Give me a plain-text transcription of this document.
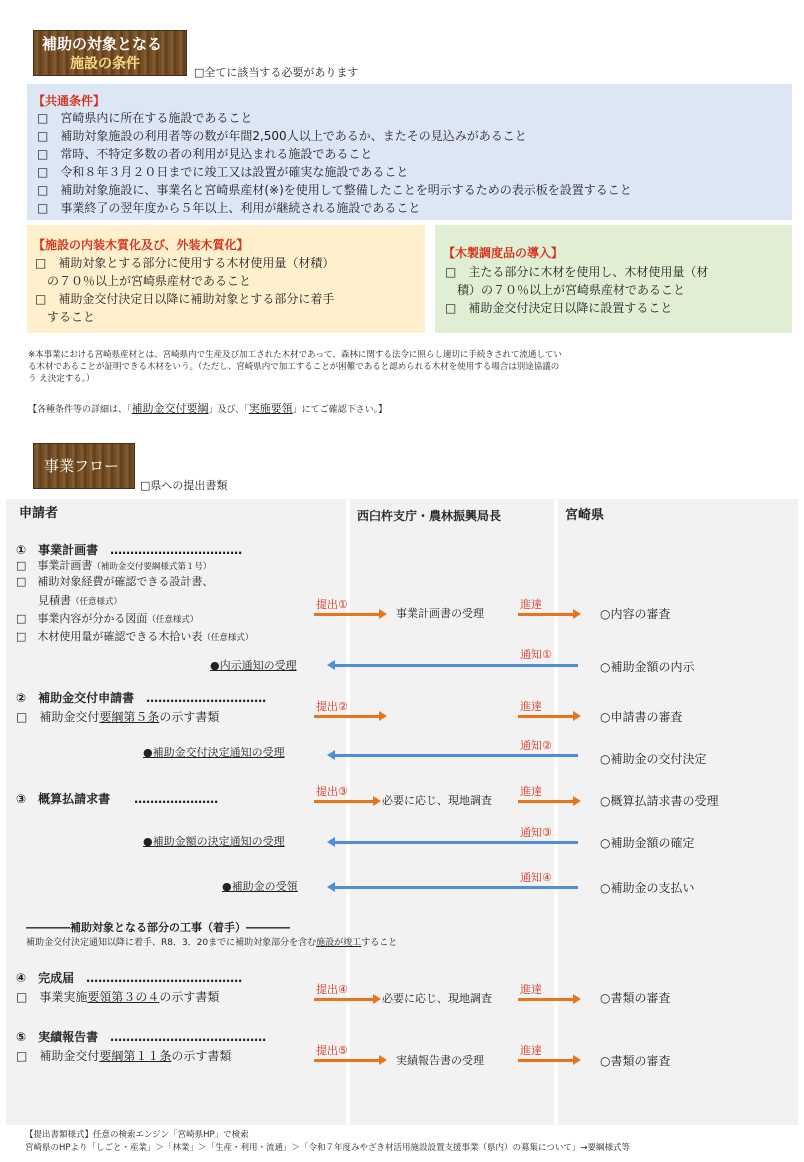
補助の対象となる
施設の条件
□全てに該当する必要があります
【共通条件】
□　宮崎県内に所在する施設であること
□　補助対象施設の利用者等の数が年間2,500人以上であるか、またその見込みがあること
□　常時、不特定多数の者の利用が見込まれる施設であること
□　令和８年３月２０日までに竣工又は設置が確実な施設であること
□　補助対象施設に、事業名と宮崎県産材(※)を使用して整備したことを明示するための表示板を設置すること
□　事業終了の翌年度から５年以上、利用が継続される施設であること
【施設の内装木質化及び、外装木質化】
□　補助対象とする部分に使用する木材使用量（材積）
　の７０％以上が宮崎県産材であること
□　補助金交付決定日以降に補助対象とする部分に着手
　すること
【木製調度品の導入】
□　主たる部分に木材を使用し、木材使用量（材
　積）の７０％以上が宮崎県産材であること
□　補助金交付決定日以降に設置すること
※本事業における宮崎県産材とは、宮崎県内で生産及び加工された木材であって、森林に関する法令に照らし適切に手続きされて流通してい
る木材であることが証明できる木材をいう。（ただし、宮崎県内で加工することが困難であると認められる木材を使用する場合は別途協議の
う え決定する。）
【各種条件等の詳細は、「補助金交付要綱」及び、「実施要領」にてご確認下さい。】
事業フロー
□県への提出書類
申請者	西臼杵支庁・農林振興局長	宮崎県
①　事業計画書　……………………………
□　事業計画書（補助金交付要綱様式第１号）
□　補助対象経費が確認できる設計書、
　　見積書（任意様式）
□　事業内容が分かる図面（任意様式）
□　木材使用量が確認できる木拾い表（任意様式）
提出①
事業計画書の受理
進達
○内容の審査
●内示通知の受理
通知①
○補助金額の内示
②　補助金交付申請書　…………………………
□　補助金交付要綱第５条の示す書類
提出②	進達
○申請書の審査
●補助金交付決定通知の受理
通知②
○補助金の交付決定
③　概算払請求書　　…………………
提出③
必要に応じ、現地調査
進達
○概算払請求書の受理
●補助金額の決定通知の受理
通知③
○補助金額の確定
●補助金の受領
通知④
○補助金の支払い
――――補助対象となる部分の工事（着手）――――
補助金交付決定通知以降に着手、R8．3．20までに補助対象部分を含む施設が竣工すること
④　完成届　…………………………………
□　事業実施要領第３の４の示す書類
提出④
必要に応じ、現地調査
進達
○書類の審査
⑤　実績報告書　…………………………………
□　補助金交付要綱第１１条の示す書類	提出⑤
実績報告書の受理
進達
○書類の審査
【提出書類様式】任意の検索エンジン「宮崎県HP」で検索
宮崎県のHPより「しごと・産業」＞「林業」＞「生産・利用・流通」＞「令和７年度みやざき材活用施設設置支援事業（県内）の募集について」→要綱様式等
